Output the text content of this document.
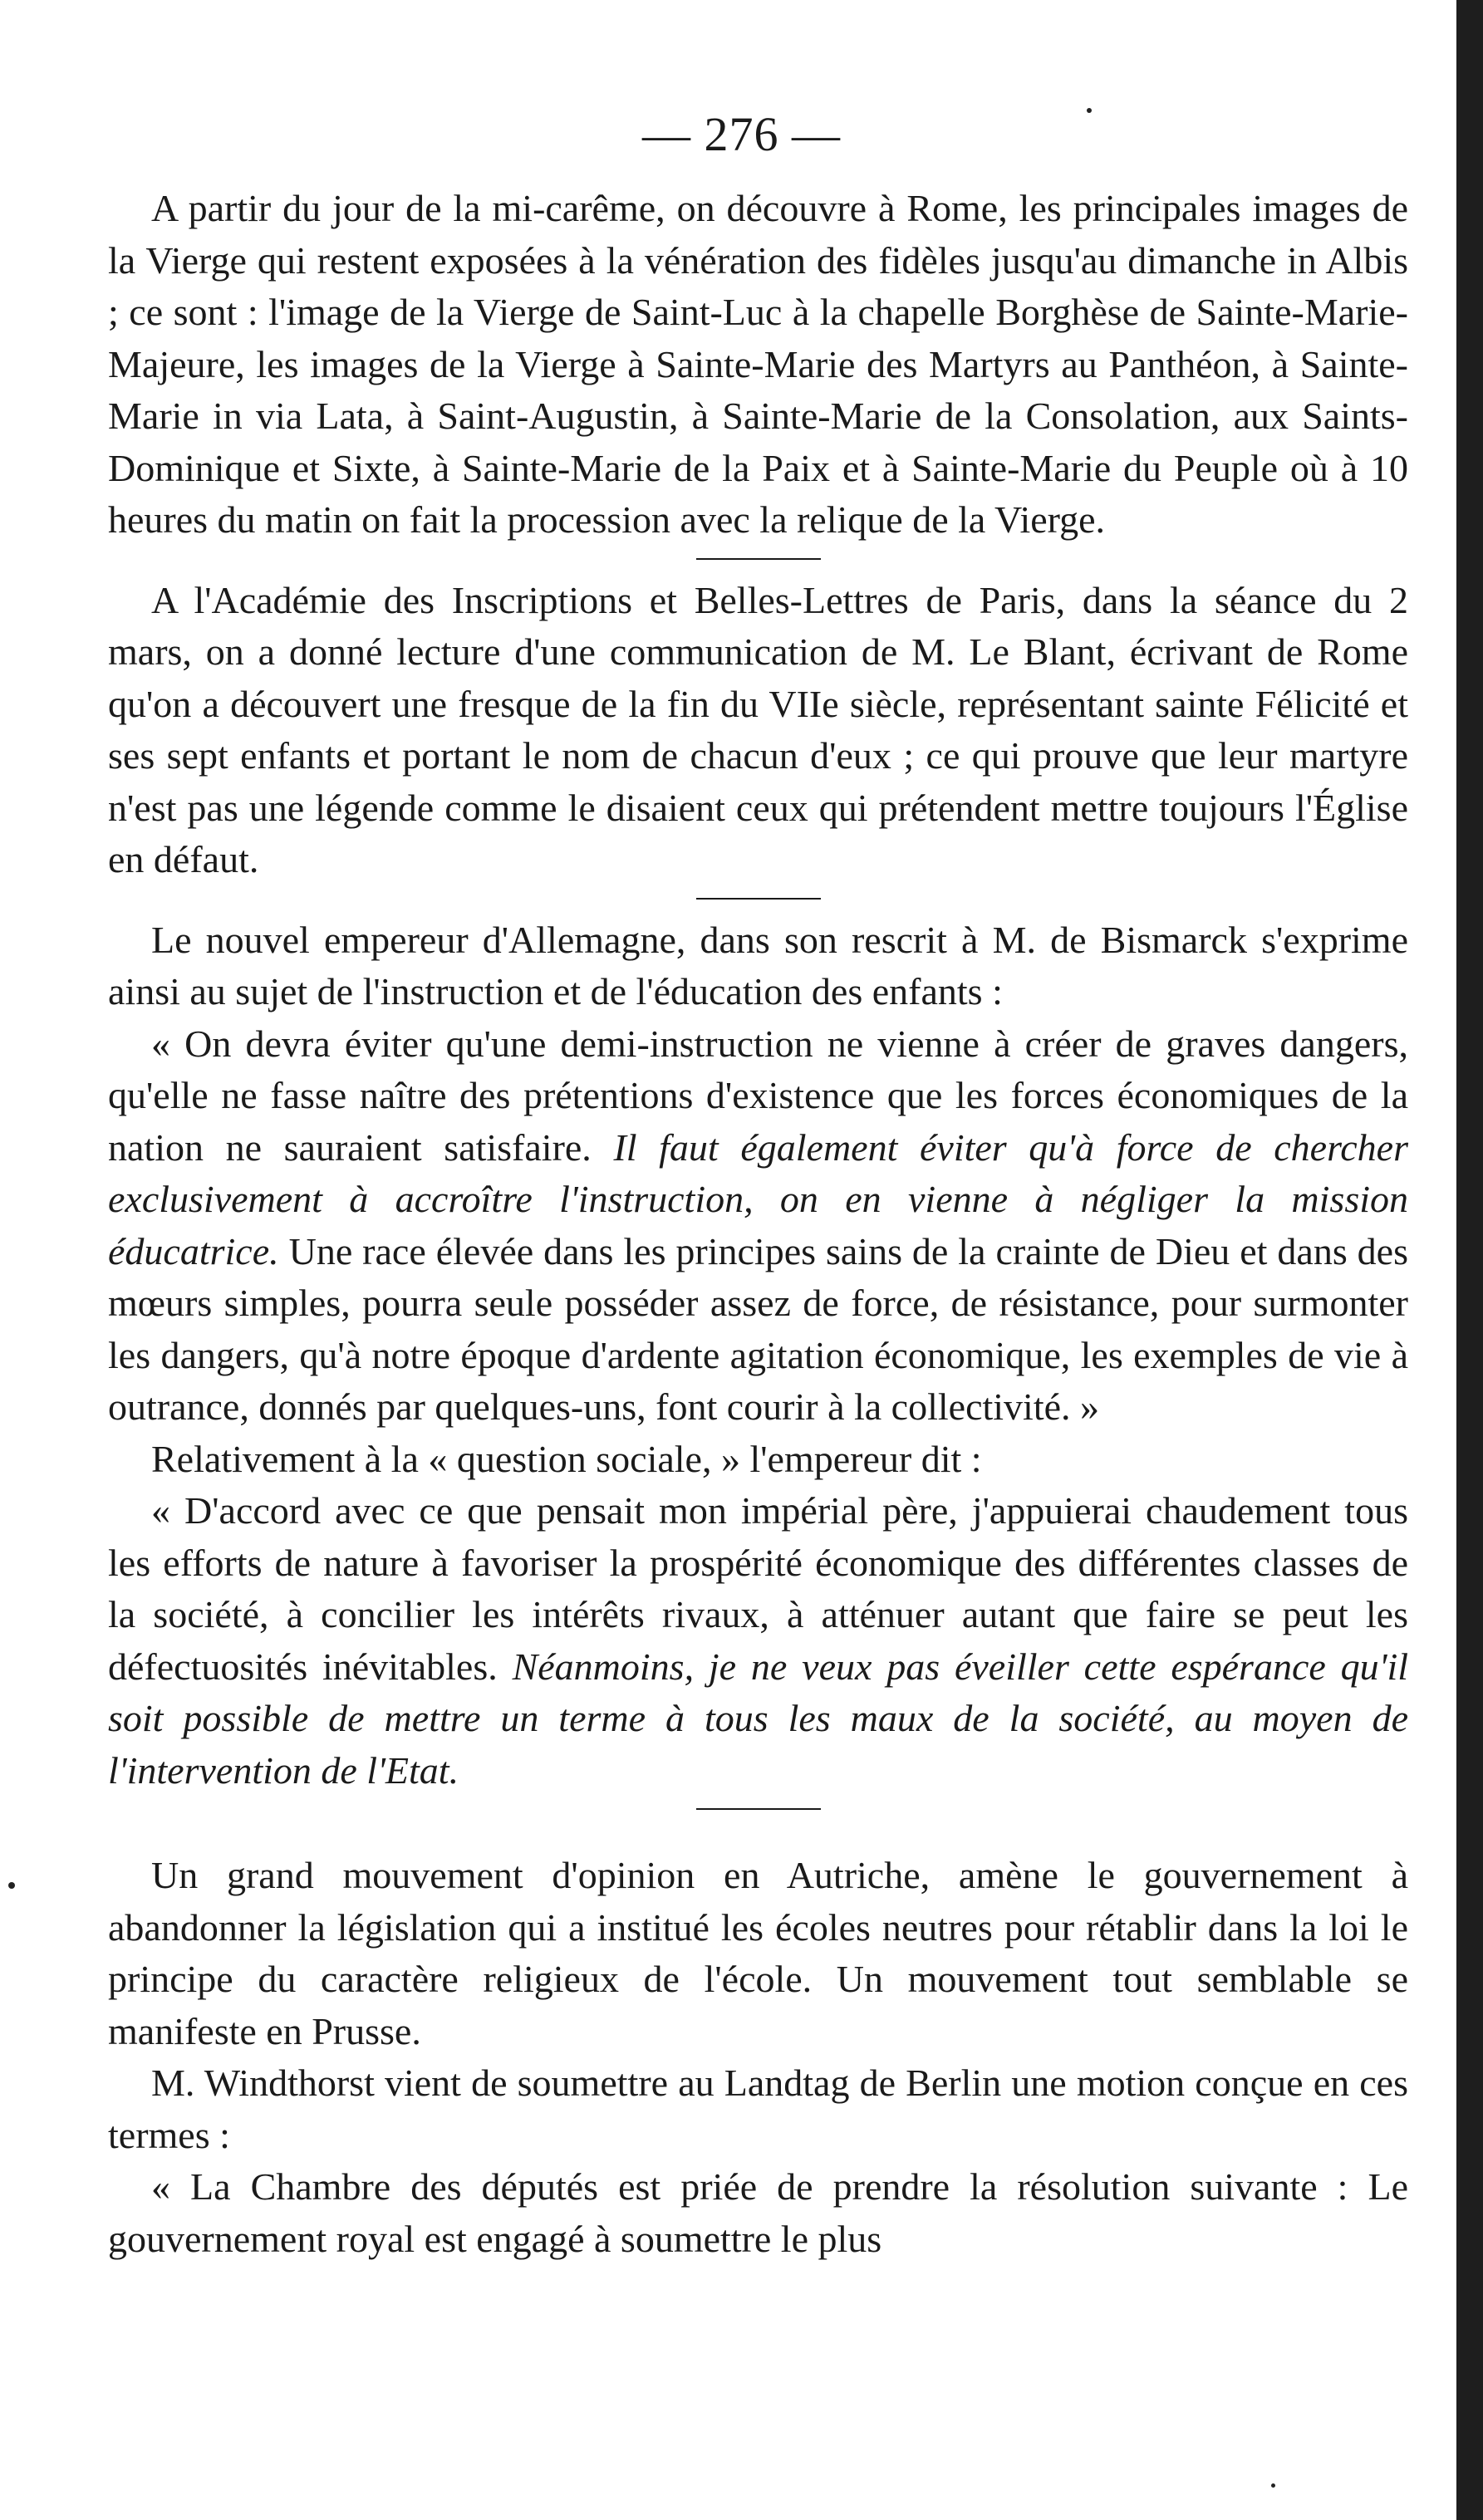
— 276 —

A partir du jour de la mi-carême, on découvre à Rome, les principales images de la Vierge qui restent exposées à la vénération des fidèles jusqu'au dimanche in Albis ; ce sont : l'image de la Vierge de Saint-Luc à la chapelle Borghèse de Sainte-Marie-Majeure, les images de la Vierge à Sainte-Marie des Martyrs au Panthéon, à Sainte-Marie in via Lata, à Saint-Augustin, à Sainte-Marie de la Consolation, aux Saints-Dominique et Sixte, à Sainte-Marie de la Paix et à Sainte-Marie du Peuple où à 10 heures du matin on fait la procession avec la relique de la Vierge.

A l'Académie des Inscriptions et Belles-Lettres de Paris, dans la séance du 2 mars, on a donné lecture d'une communication de M. Le Blant, écrivant de Rome qu'on a découvert une fresque de la fin du VIIe siècle, représentant sainte Félicité et ses sept enfants et portant le nom de chacun d'eux ; ce qui prouve que leur martyre n'est pas une légende comme le disaient ceux qui prétendent mettre toujours l'Église en défaut.

Le nouvel empereur d'Allemagne, dans son rescrit à M. de Bismarck s'exprime ainsi au sujet de l'instruction et de l'éducation des enfants :

« On devra éviter qu'une demi-instruction ne vienne à créer de graves dangers, qu'elle ne fasse naître des prétentions d'existence que les forces économiques de la nation ne sauraient satisfaire. Il faut également éviter qu'à force de chercher exclusivement à accroître l'instruction, on en vienne à négliger la mission éducatrice. Une race élevée dans les principes sains de la crainte de Dieu et dans des mœurs simples, pourra seule posséder assez de force, de résistance, pour surmonter les dangers, qu'à notre époque d'ardente agitation économique, les exemples de vie à outrance, donnés par quelques-uns, font courir à la collectivité. »

Relativement à la « question sociale, » l'empereur dit :

« D'accord avec ce que pensait mon impérial père, j'appuierai chaudement tous les efforts de nature à favoriser la prospérité économique des différentes classes de la société, à concilier les intérêts rivaux, à atténuer autant que faire se peut les défectuosités inévitables. Néanmoins, je ne veux pas éveiller cette espérance qu'il soit possible de mettre un terme à tous les maux de la société, au moyen de l'intervention de l'Etat.

Un grand mouvement d'opinion en Autriche, amène le gouvernement à abandonner la législation qui a institué les écoles neutres pour rétablir dans la loi le principe du caractère religieux de l'école. Un mouvement tout semblable se manifeste en Prusse.

M. Windthorst vient de soumettre au Landtag de Berlin une motion conçue en ces termes :

« La Chambre des députés est priée de prendre la résolution suivante : Le gouvernement royal est engagé à soumettre le plus
